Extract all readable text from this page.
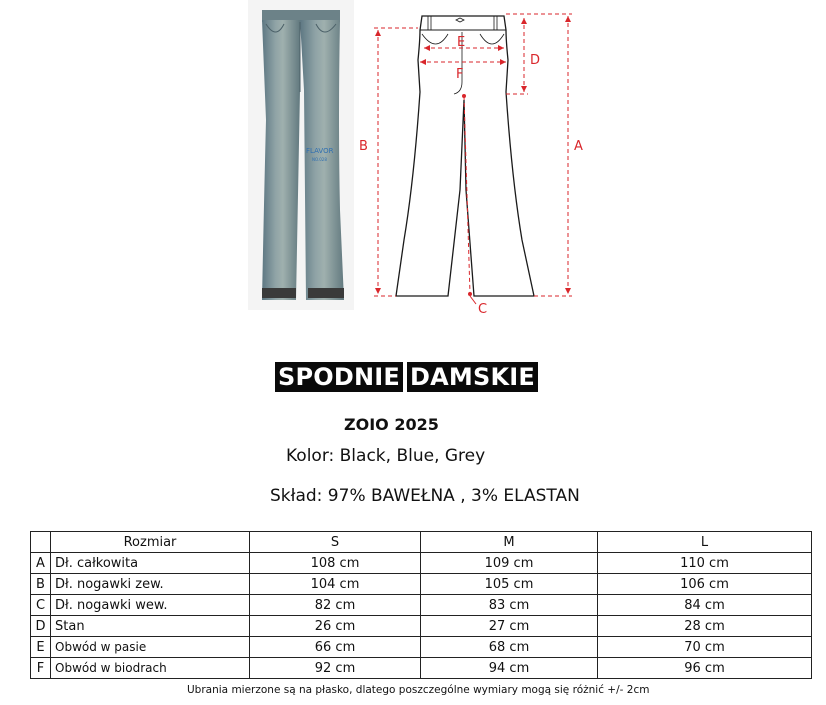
FLAVOR
NO.028
A
B
C
D
E
F
SPODNIE DAMSKIE
ZOIO 2025
Kolor: Black, Blue, Grey
Skład: 97% BAWEŁNA , 3% ELASTAN
	Rozmiar	S	M	L
A	Dł. całkowita	108 cm	109 cm	110 cm
B	Dł. nogawki zew.	104 cm	105 cm	106 cm
C	Dł. nogawki wew.	82 cm	83 cm	84 cm
D	Stan	26 cm	27 cm	28 cm
E	Obwód w pasie	66 cm	68 cm	70 cm
F	Obwód w biodrach	92 cm	94 cm	96 cm
Ubrania mierzone są na płasko, dlatego poszczególne wymiary mogą się różnić +/- 2cm
